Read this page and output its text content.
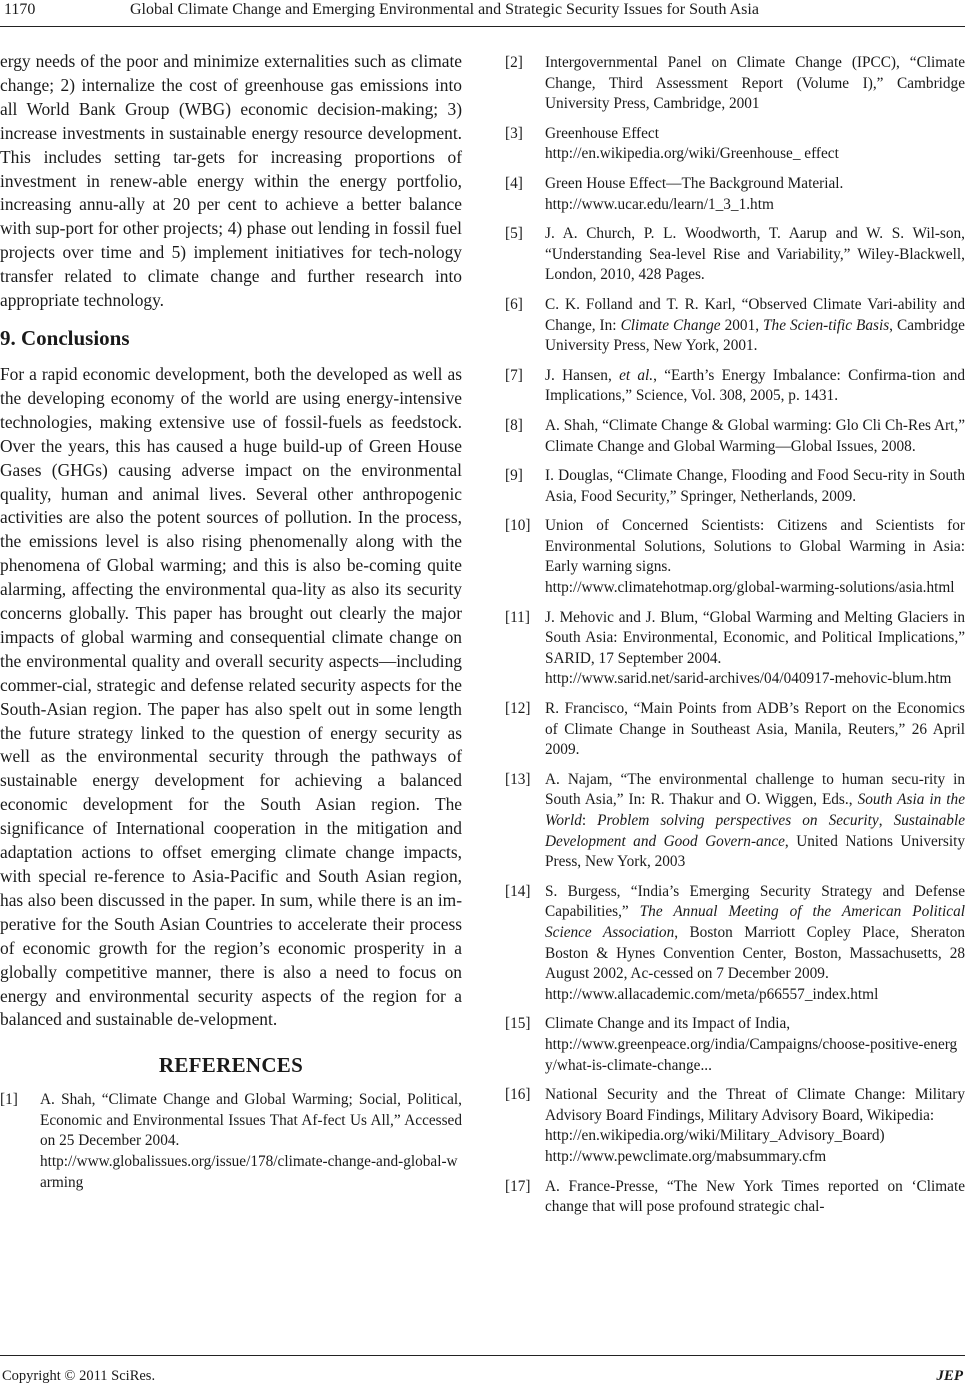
1170	Global Climate Change and Emerging Environmental and Strategic Security Issues for South Asia

ergy needs of the poor and minimize externalities such as climate change; 2) internalize the cost of greenhouse gas emissions into all World Bank Group (WBG) economic decision-making; 3) increase investments in sustainable energy resource development. This includes setting tar-gets for increasing proportions of investment in renew-able energy within the energy portfolio, increasing annu-ally at 20 per cent to achieve a better balance with sup-port for other projects; 4) phase out lending in fossil fuel projects over time and 5) implement initiatives for tech-nology transfer related to climate change and further research into appropriate technology.

9. Conclusions

For a rapid economic development, both the developed as well as the developing economy of the world are using energy-intensive technologies, making extensive use of fossil-fuels as feedstock. Over the years, this has caused a huge build-up of Green House Gases (GHGs) causing adverse impact on the environmental quality, human and animal lives. Several other anthropogenic activities are also the potent sources of pollution. In the process, the emissions level is also rising phenomenally along with the phenomena of Global warming; and this is also be-coming quite alarming, affecting the environmental qua-lity as also its security concerns globally. This paper has brought out clearly the major impacts of global warming and consequential climate change on the environmental quality and overall security aspects—including commer-cial, strategic and defense related security aspects for the South-Asian region. The paper has also spelt out in some length the future strategy linked to the question of energy security as well as the environmental security through the pathways of sustainable energy development for achieving a balanced economic development for the South Asian region. The significance of International cooperation in the mitigation and adaptation actions to offset emerging climate change impacts, with special re-ference to Asia-Pacific and South Asian region, has also been discussed in the paper. In sum, while there is an im-perative for the South Asian Countries to accelerate their process of economic growth for the region’s economic prosperity in a globally competitive manner, there is also a need to focus on energy and environmental security aspects of the region for a balanced and sustainable de-velopment.

REFERENCES
[1]	A. Shah, “Climate Change and Global Warming; Social, Political, Economic and Environmental Issues That Af-fect Us All,” Accessed on 25 December 2004.
http://www.globalissues.org/issue/178/climate-change-and-global-warming
[2]	Intergovernmental Panel on Climate Change (IPCC), “Climate Change, Third Assessment Report (Volume I),” Cambridge University Press, Cambridge, 2001
[3]	Greenhouse Effect
http://en.wikipedia.org/wiki/Greenhouse_ effect
[4]	Green House Effect—The Background Material.
http://www.ucar.edu/learn/1_3_1.htm
[5]	J. A. Church, P. L. Woodworth, T. Aarup and W. S. Wil-son, “Understanding Sea-level Rise and Variability,” Wiley-Blackwell, London, 2010, 428 Pages.
[6]	C. K. Folland and T. R. Karl, “Observed Climate Vari-ability and Change, In: Climate Change 2001, The Scien-tific Basis, Cambridge University Press, New York, 2001.
[7]	J. Hansen, et al., “Earth’s Energy Imbalance: Confirma-tion and Implications,” Science, Vol. 308, 2005, p. 1431.
[8]	A. Shah, “Climate Change & Global warming: Glo Cli Ch-Res Art,” Climate Change and Global Warming—Global Issues, 2008.
[9]	I. Douglas, “Climate Change, Flooding and Food Secu-rity in South Asia, Food Security,” Springer, Netherlands, 2009.
[10] Union of Concerned Scientists: Citizens and Scientists for Environmental Solutions, Solutions to Global Warming in Asia: Early warning signs.
http://www.climatehotmap.org/global-warming-solutions/asia.html
[11] J. Mehovic and J. Blum, “Global Warming and Melting Glaciers in South Asia: Environmental, Economic, and Political Implications,” SARID, 17 September 2004.
http://www.sarid.net/sarid-archives/04/040917-mehovic-blum.htm
[12] R. Francisco, “Main Points from ADB’s Report on the Economics of Climate Change in Southeast Asia, Manila, Reuters,” 26 April 2009.
[13] A. Najam, “The environmental challenge to human secu-rity in South Asia,” In: R. Thakur and O. Wiggen, Eds., South Asia in the World: Problem solving perspectives on Security, Sustainable Development and Good Govern-ance, United Nations University Press, New York, 2003
[14] S. Burgess, “India’s Emerging Security Strategy and Defense Capabilities,” The Annual Meeting of the American Political Science Association, Boston Marriott Copley Place, Sheraton Boston & Hynes Convention Center, Boston, Massachusetts, 28 August 2002, Ac-cessed on 7 December 2009.
http://www.allacademic.com/meta/p66557_index.html
[15] Climate Change and its Impact of India,
http://www.greenpeace.org/india/Campaigns/choose-positive-energy/what-is-climate-change...
[16] National Security and the Threat of Climate Change: Military Advisory Board Findings, Military Advisory Board, Wikipedia:
http://en.wikipedia.org/wiki/Military_Advisory_Board)
http://www.pewclimate.org/mabsummary.cfm
[17] A. France-Presse, “The New York Times reported on ‘Climate change that will pose profound strategic chal-
Copyright © 2011 SciRes.	JEP
